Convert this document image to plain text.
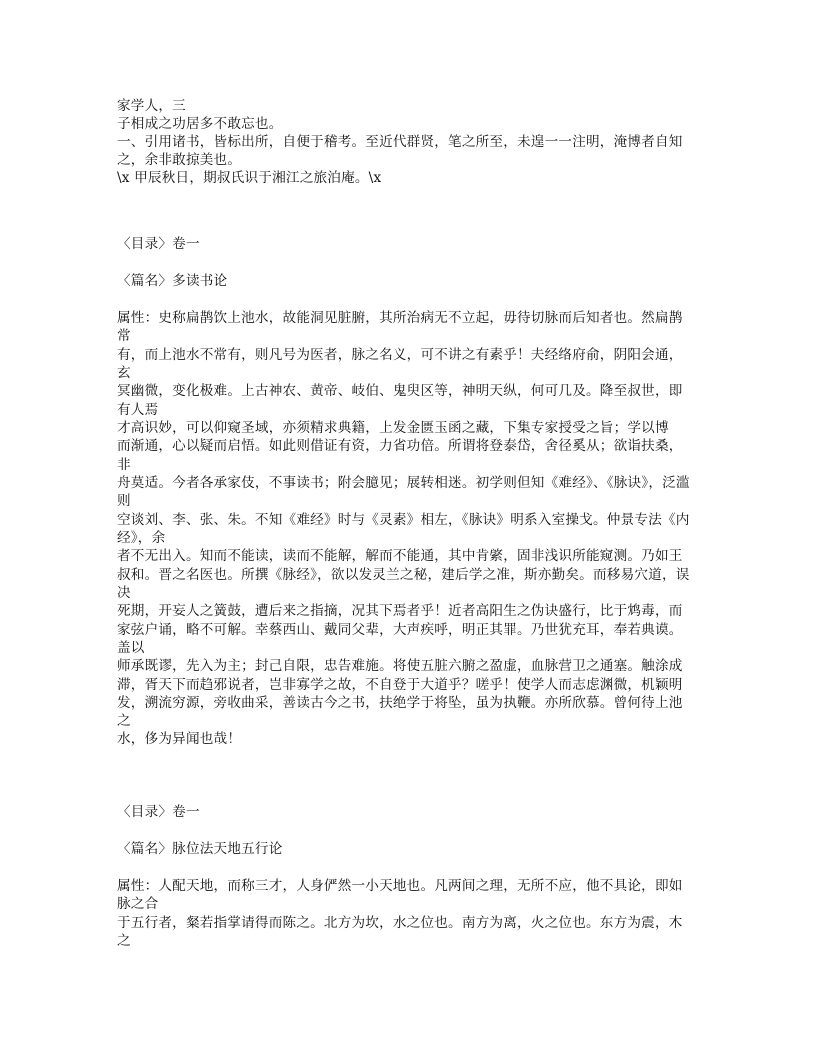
家学人，三
子相成之功居多不敢忘也。
一、引用诸书，皆标出所，自便于稽考。至近代群贤，笔之所至，未遑一一注明，淹博者自知
之，余非敢掠美也。
\x 甲辰秋日，期叔氏识于湘江之旅泊庵。\x
〈目录〉卷一
〈篇名〉多读书论
属性：史称扁鹊饮上池水，故能洞见脏腑，其所治病无不立起，毋待切脉而后知者也。然扁鹊
常
有，而上池水不常有，则凡号为医者，脉之名义，可不讲之有素乎！夫经络府俞，阴阳会通，
玄
冥幽微，变化极难。上古神农、黄帝、岐伯、鬼臾区等，神明天纵，何可几及。降至叔世，即
有人焉
才高识妙，可以仰窥圣域，亦须精求典籍，上发金匮玉函之藏，下集专家授受之旨；学以博
而渐通，心以疑而启悟。如此则借证有资，力省功倍。所谓将登泰岱，舍径奚从；欲诣扶桑，
非
舟莫适。今者各承家伎，不事读书；附会臆见；展转相迷。初学则但知《难经》、《脉诀》，泛滥
则
空谈刘、李、张、朱。不知《难经》时与《灵素》相左，《脉诀》明系入室操戈。仲景专法《内
经》，余
者不无出入。知而不能读，读而不能解，解而不能通，其中肯綮，固非浅识所能窥测。乃如王
叔和。晋之名医也。所撰《脉经》，欲以发灵兰之秘，建后学之准，斯亦勤矣。而移易穴道，误
决
死期，开妄人之簧鼓，遭后来之指摘，况其下焉者乎！近者高阳生之伪诀盛行，比于鸩毒，而
家弦户诵，略不可解。幸蔡西山、戴同父辈，大声疾呼，明正其罪。乃世犹充耳，奉若典谟。
盖以
师承既谬，先入为主；封己自限，忠告难施。将使五脏六腑之盈虚，血脉营卫之通塞。触涂成
滞，胥天下而趋邪说者，岂非寡学之故，不自登于大道乎？嗟乎！使学人而志虑渊微，机颖明
发，溯流穷源，旁收曲采，善读古今之书，扶绝学于将坠，虽为执鞭。亦所欣慕。曾何待上池
之
水，侈为异闻也哉！
〈目录〉卷一
〈篇名〉脉位法天地五行论
属性：人配天地，而称三才，人身俨然一小天地也。凡两间之理，无所不应，他不具论，即如
脉之合
于五行者，粲若指掌请得而陈之。北方为坎，水之位也。南方为离，火之位也。东方为震，木
之
